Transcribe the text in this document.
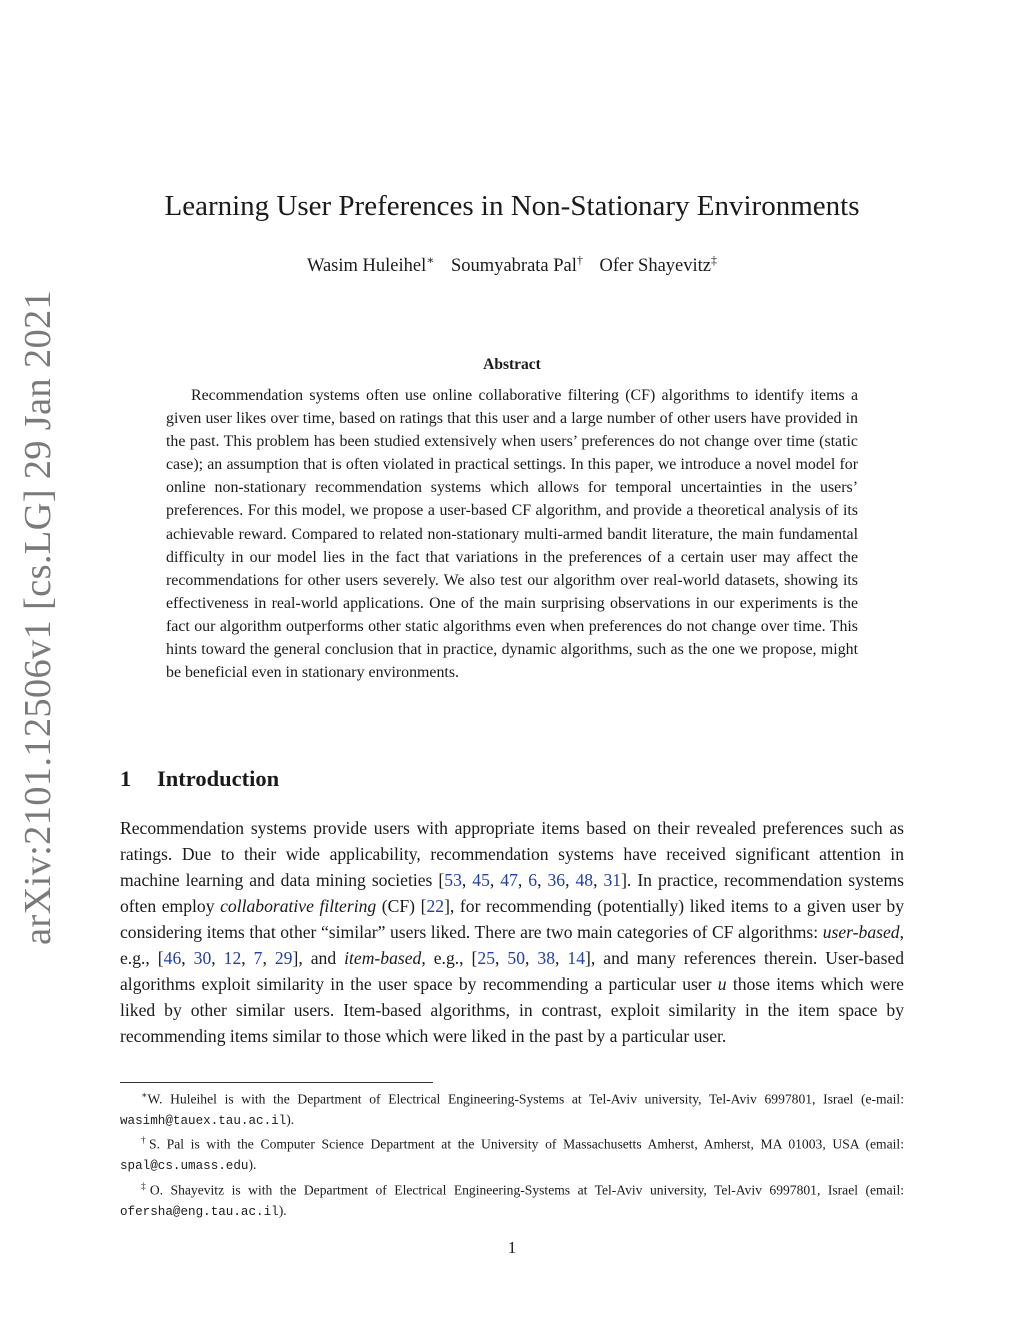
arXiv:2101.12506v1 [cs.LG] 29 Jan 2021
Learning User Preferences in Non-Stationary Environments
Wasim Huleihel∗ Soumyabrata Pal† Ofer Shayevitz‡
Abstract

Recommendation systems often use online collaborative filtering (CF) algorithms to identify items a given user likes over time, based on ratings that this user and a large number of other users have provided in the past. This problem has been studied extensively when users’ preferences do not change over time (static case); an assumption that is often violated in practical settings. In this paper, we introduce a novel model for online non-stationary recommendation systems which allows for temporal uncertainties in the users’ preferences. For this model, we propose a user-based CF algorithm, and provide a theoretical analysis of its achievable reward. Compared to related non-stationary multi-armed bandit literature, the main fundamental difficulty in our model lies in the fact that variations in the preferences of a certain user may affect the recommendations for other users severely. We also test our algorithm over real-world datasets, showing its effectiveness in real-world applications. One of the main surprising observations in our experiments is the fact our algorithm outperforms other static algorithms even when preferences do not change over time. This hints toward the general conclusion that in practice, dynamic algorithms, such as the one we propose, might be beneficial even in stationary environments.

1 Introduction

Recommendation systems provide users with appropriate items based on their revealed preferences such as ratings. Due to their wide applicability, recommendation systems have received significant attention in machine learning and data mining societies [53, 45, 47, 6, 36, 48, 31]. In practice, recommendation systems often employ collaborative filtering (CF) [22], for recommending (potentially) liked items to a given user by considering items that other “similar” users liked. There are two main categories of CF algorithms: user-based, e.g., [46, 30, 12, 7, 29], and item-based, e.g., [25, 50, 38, 14], and many references therein. User-based algorithms exploit similarity in the user space by recommending a particular user u those items which were liked by other similar users. Item-based algorithms, in contrast, exploit similarity in the item space by recommending items similar to those which were liked in the past by a particular user.

∗W. Huleihel is with the Department of Electrical Engineering-Systems at Tel-Aviv university, Tel-Aviv 6997801, Israel (e-mail: wasimh@tauex.tau.ac.il).

†S. Pal is with the Computer Science Department at the University of Massachusetts Amherst, Amherst, MA 01003, USA (email: spal@cs.umass.edu).

‡O. Shayevitz is with the Department of Electrical Engineering-Systems at Tel-Aviv university, Tel-Aviv 6997801, Israel (email: ofersha@eng.tau.ac.il).

1
